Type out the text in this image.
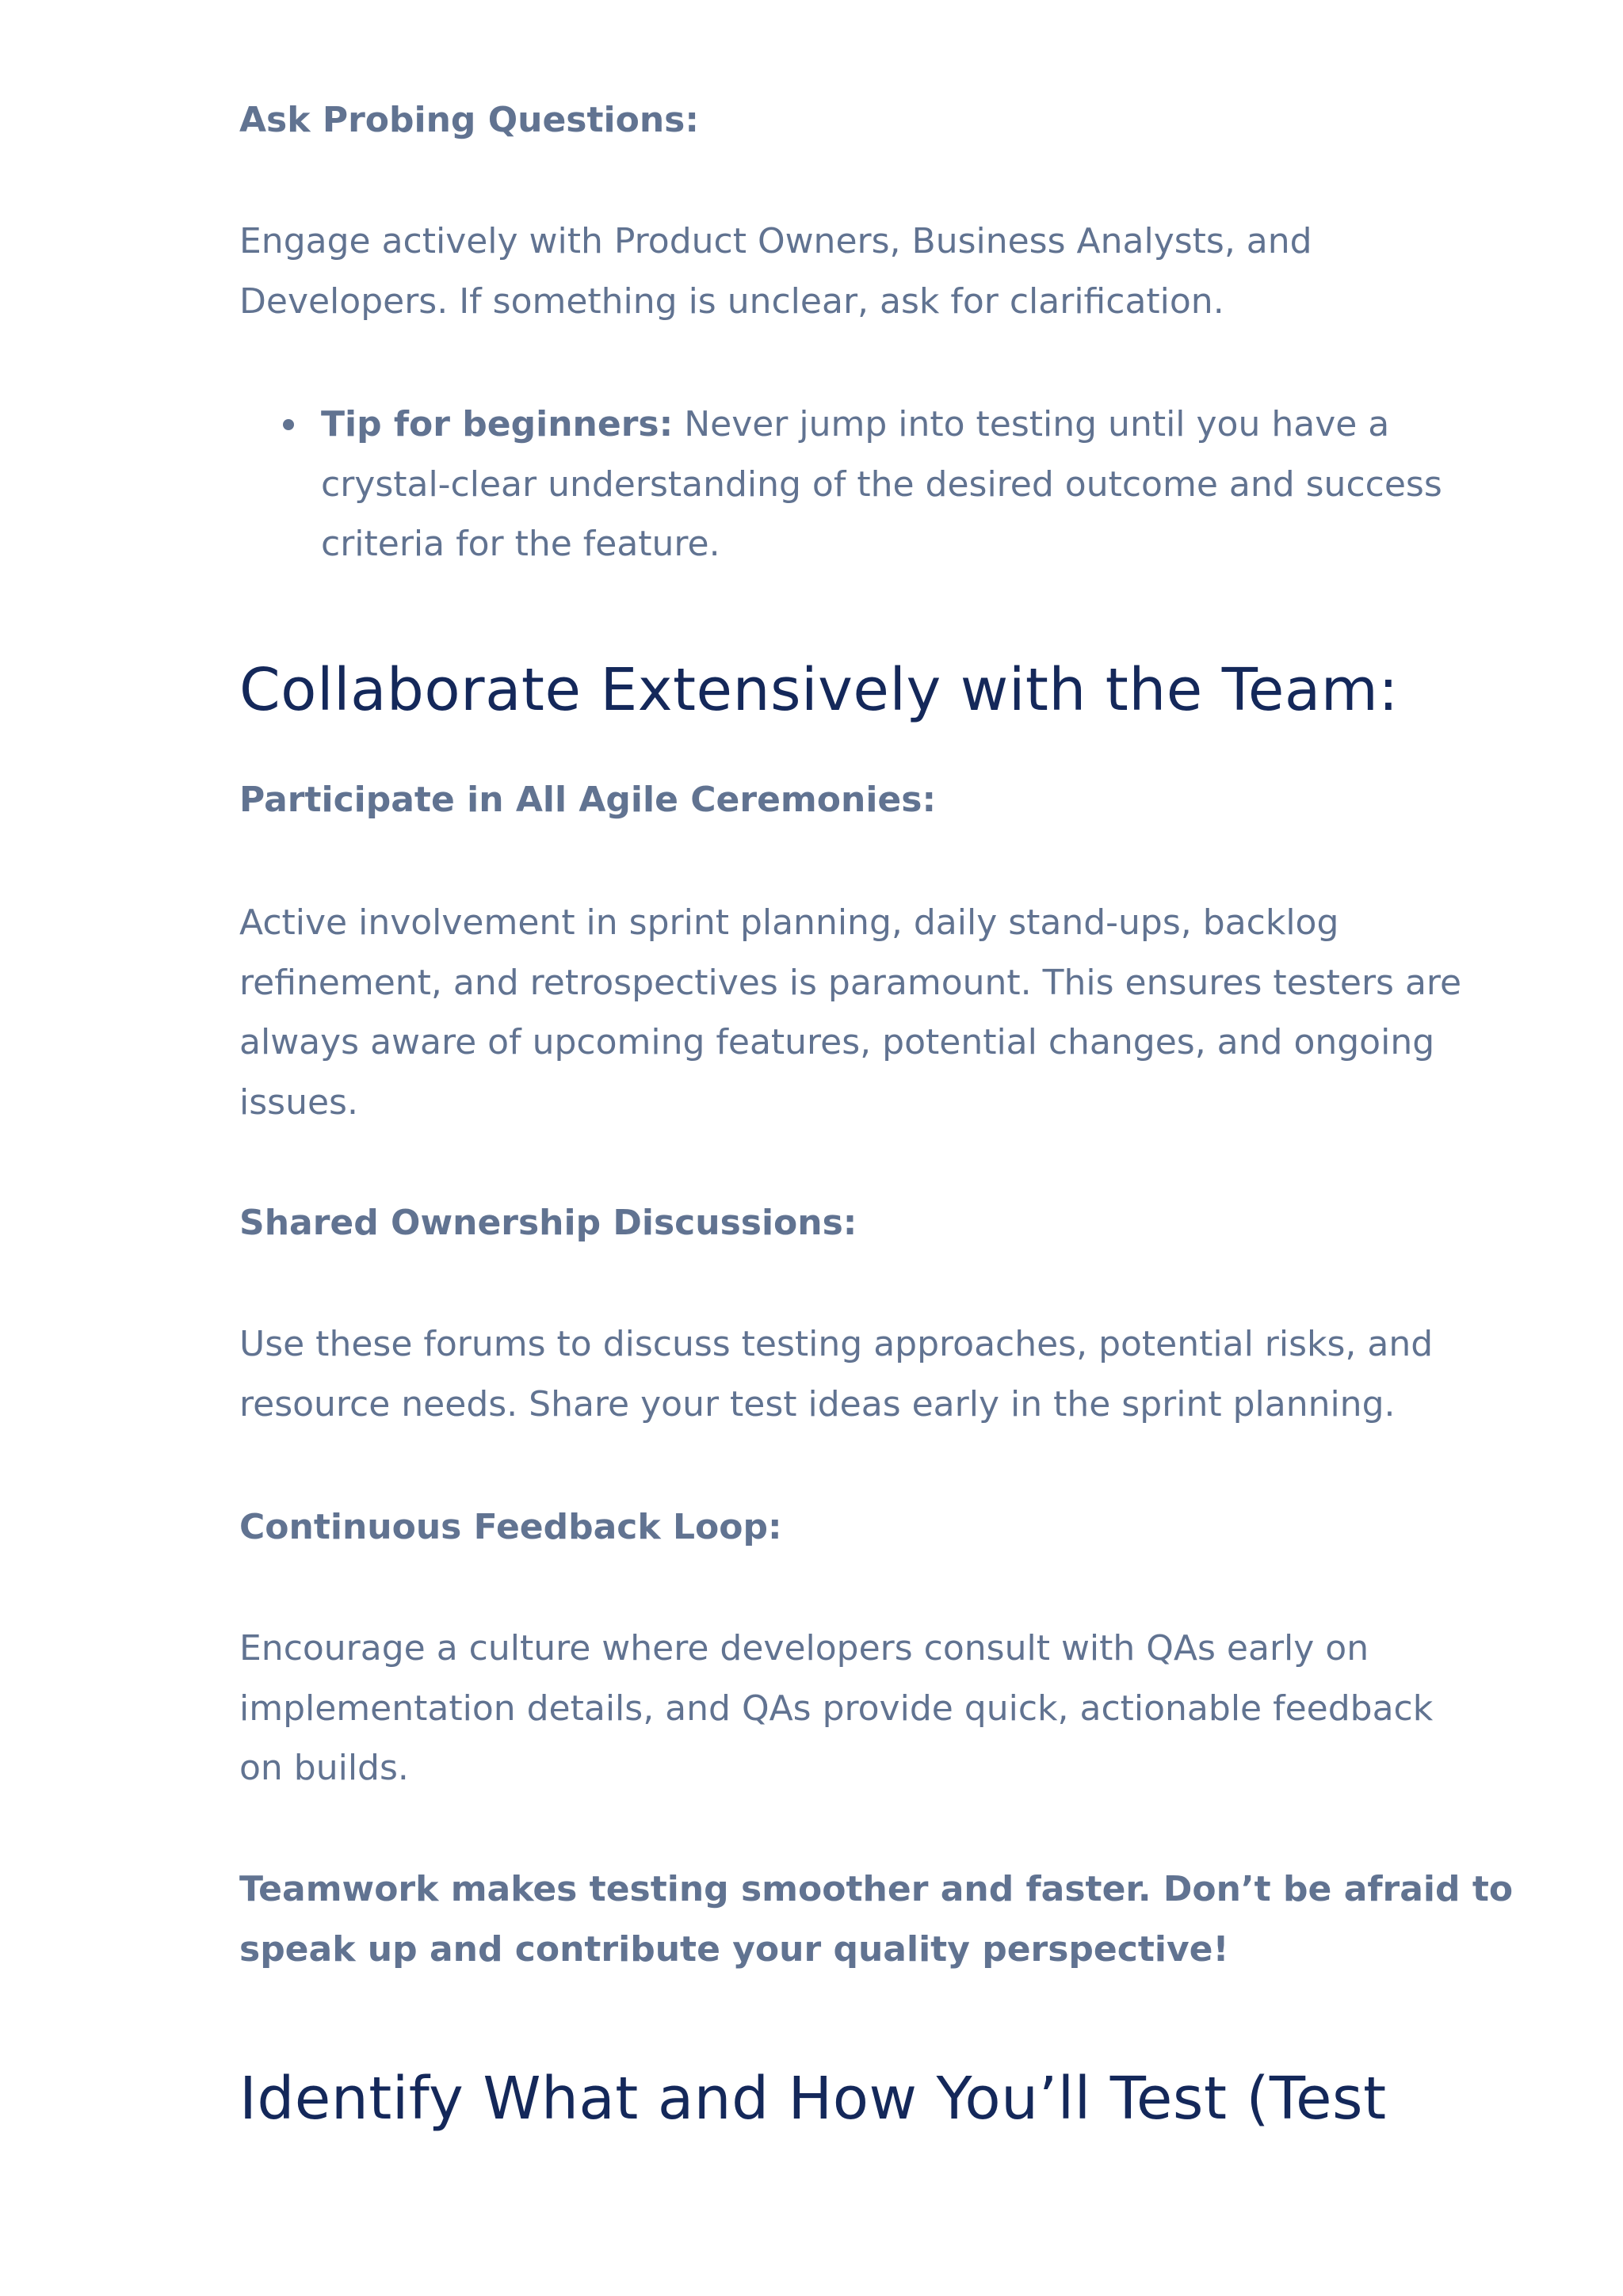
Ask Probing Questions:

Engage actively with Product Owners, Business Analysts, and
Developers. If something is unclear, ask for clarification.

Tip for beginners: Never jump into testing until you have a
crystal-clear understanding of the desired outcome and success
criteria for the feature.

Collaborate Extensively with the Team:
Participate in All Agile Ceremonies:

Active involvement in sprint planning, daily stand-ups, backlog
refinement, and retrospectives is paramount. This ensures testers are
always aware of upcoming features, potential changes, and ongoing
issues.

Shared Ownership Discussions:

Use these forums to discuss testing approaches, potential risks, and
resource needs. Share your test ideas early in the sprint planning.

Continuous Feedback Loop:

Encourage a culture where developers consult with QAs early on
implementation details, and QAs provide quick, actionable feedback
on builds.

Teamwork makes testing smoother and faster. Don’t be afraid to
speak up and contribute your quality perspective!

Identify What and How You’ll Test (Test
